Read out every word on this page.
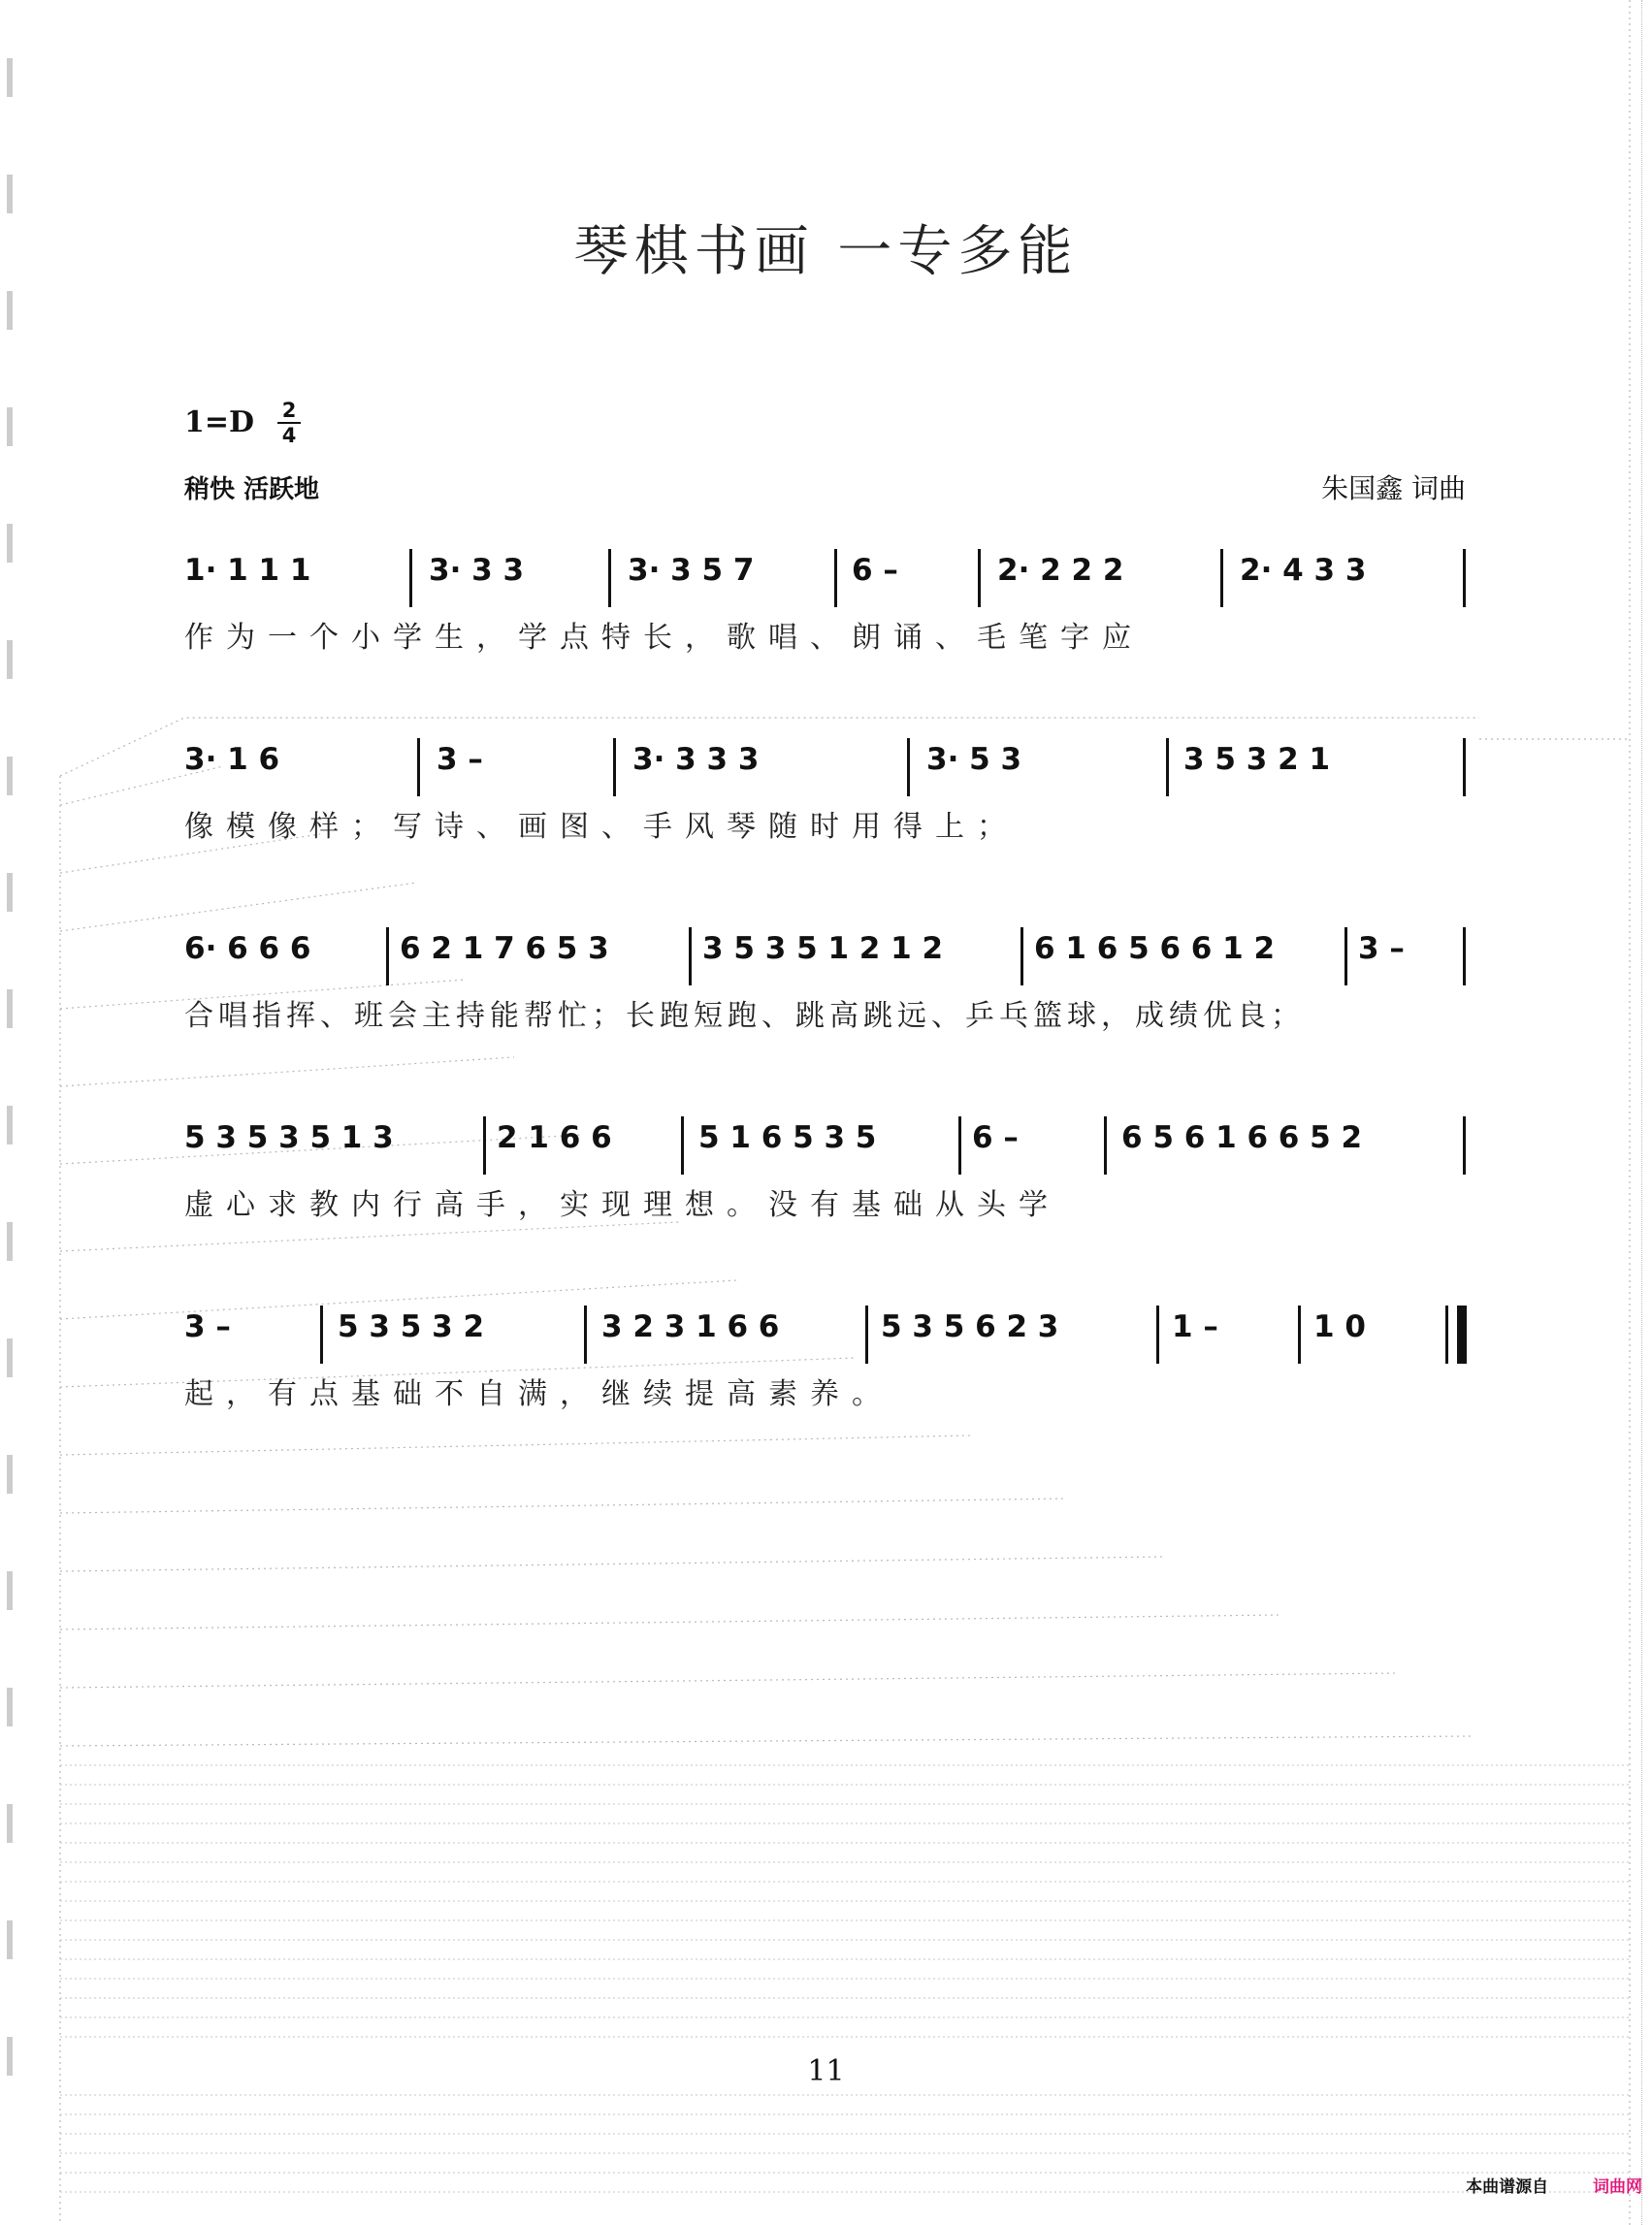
琴棋书画 一专多能
1=D 2
4
稍快 活跃地	朱国鑫 词曲
1· 1 1 1	3· 3 3	3· 3 5 7	6 –	2· 2 2 2	2· 4 3 3
作为一个小学生，学点特长，歌唱、朗诵、毛笔字应
3· 1 6	3 –	3· 3 3 3	3· 5 3	3 5 3 2 1
像模像样；写诗、画图、手风琴随时用得上；
6· 6 6 6	6 2 1 7 6 5 3	3 5 3 5 1 2 1 2	6 1 6 5 6 6 1 2	3 –
合唱指挥、班会主持能帮忙；长跑短跑、跳高跳远、乒乓篮球，成绩优良；
5 3 5 3 5 1 3	2 1 6 6	5 1 6 5 3 5	6 –	6 5 6 1 6 6 5 2
虚心求教内行高手，实现理想。没有基础从头学
3 –	5 3 5 3 2	3 2 3 1 6 6	5 3 5 6 2 3	1 –	1 0
起，有点基础不自满，继续提高素养。
11
本曲谱源自	词曲网
